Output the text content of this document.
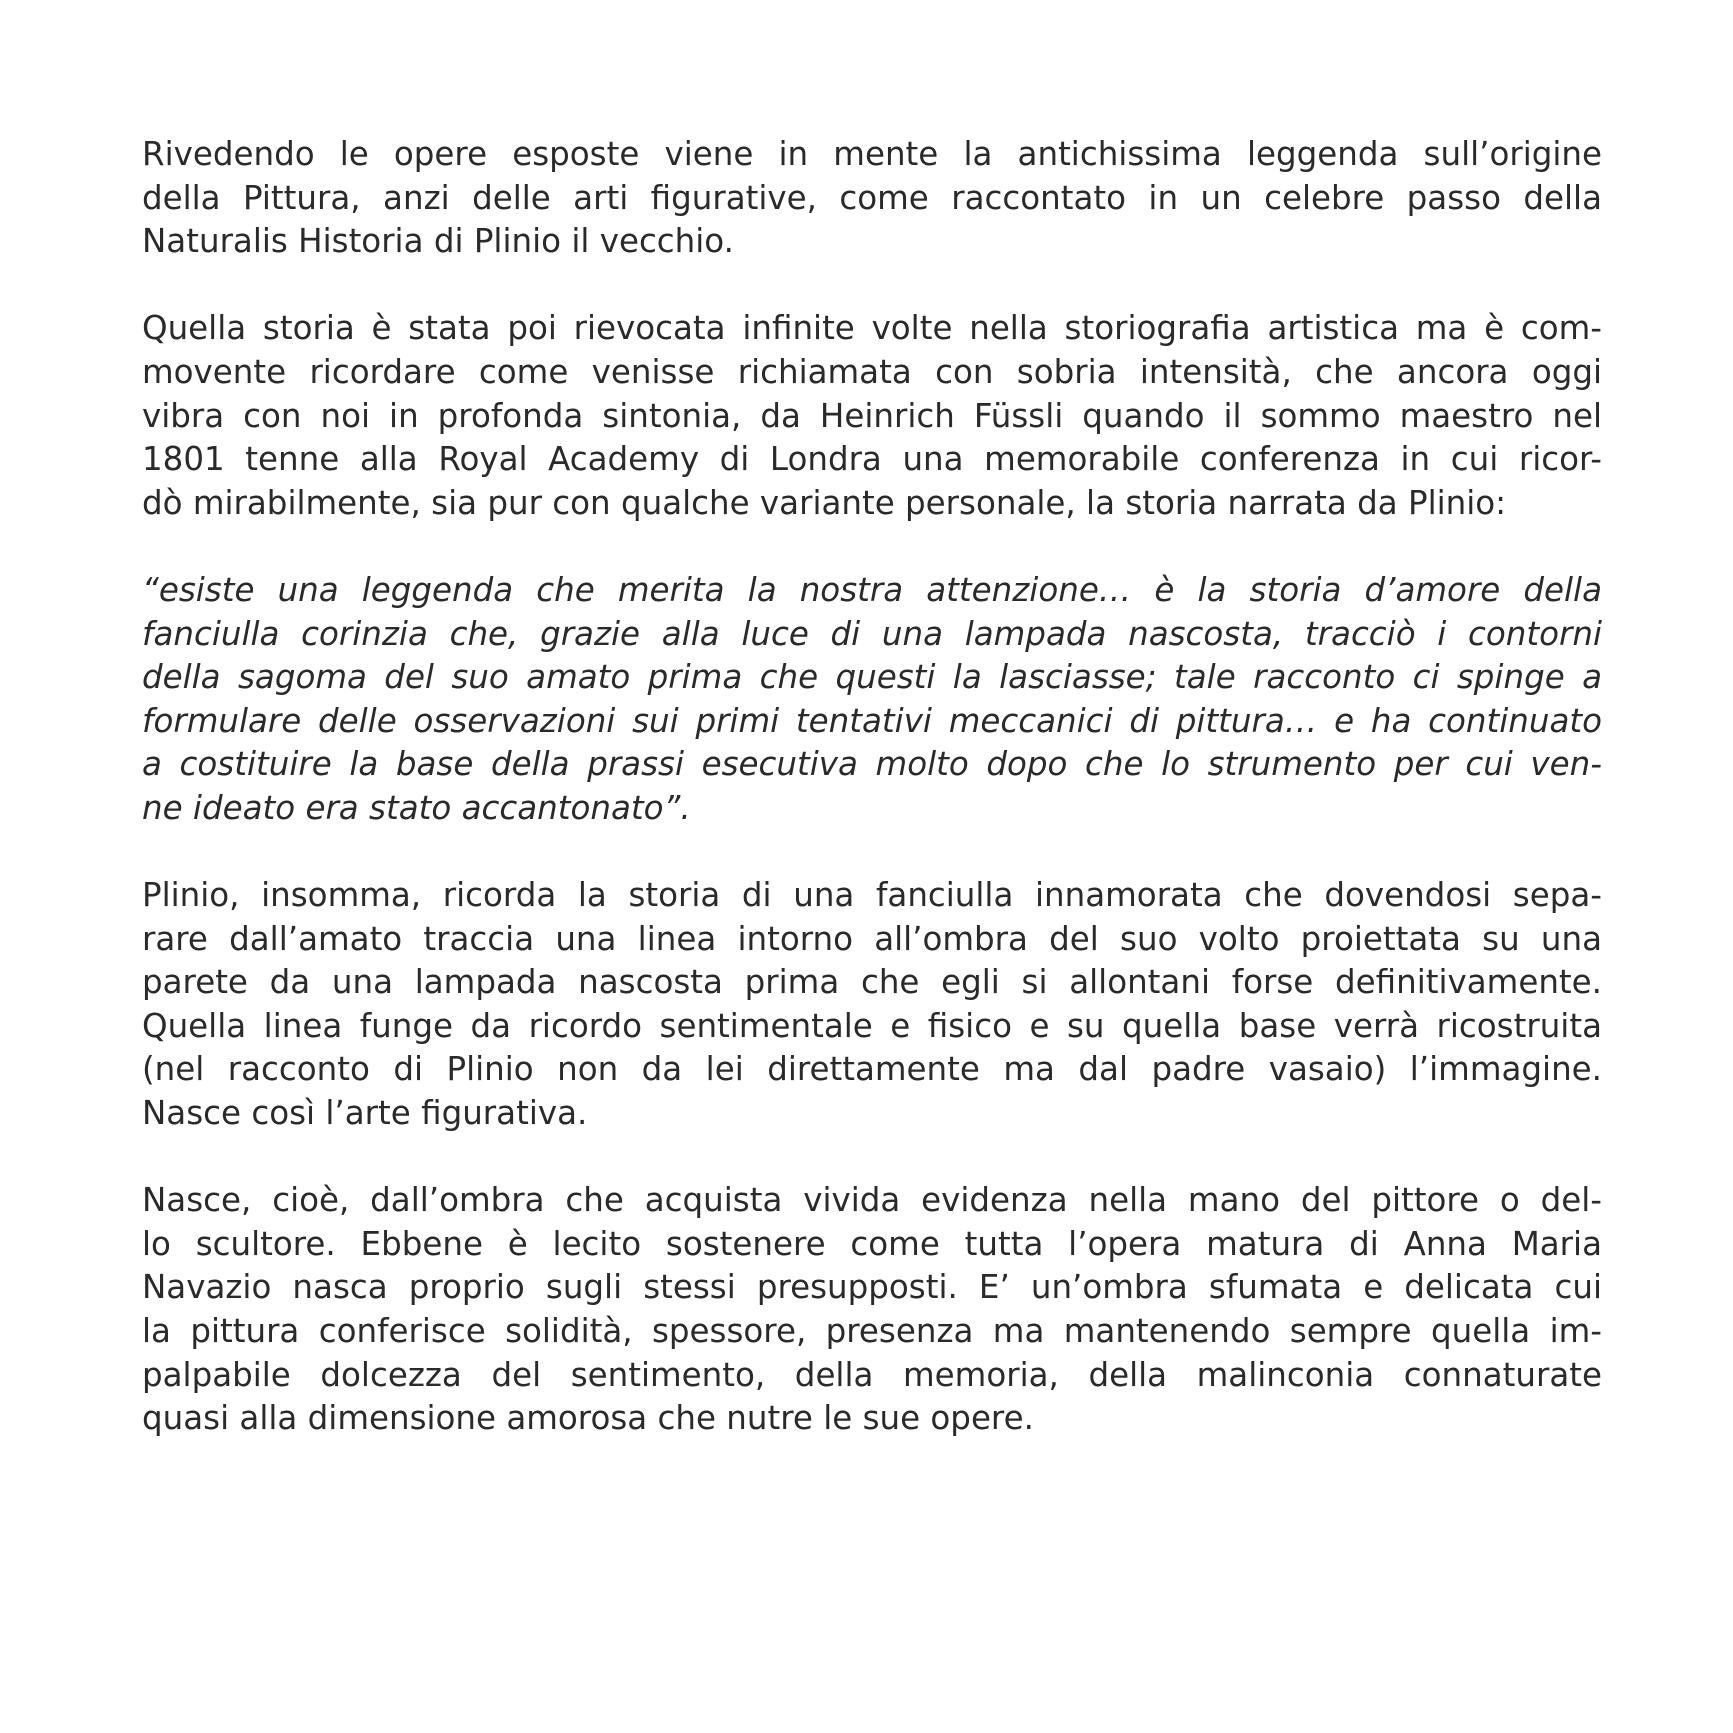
Rivedendo le opere esposte viene in mente la antichissima leggenda sull’origine
della Pittura, anzi delle arti figurative, come raccontato in un celebre passo della
Naturalis Historia di Plinio il vecchio.
Quella storia è stata poi rievocata infinite volte nella storiografia artistica ma è com-
movente ricordare come venisse richiamata con sobria intensità, che ancora oggi
vibra con noi in profonda sintonia, da Heinrich Füssli quando il sommo maestro nel
1801 tenne alla Royal Academy di Londra una memorabile conferenza in cui ricor-
dò mirabilmente, sia pur con qualche variante personale, la storia narrata da Plinio:
“esiste una leggenda che merita la nostra attenzione… è la storia d’amore della
fanciulla corinzia che, grazie alla luce di una lampada nascosta, tracciò i contorni
della sagoma del suo amato prima che questi la lasciasse; tale racconto ci spinge a
formulare delle osservazioni sui primi tentativi meccanici di pittura… e ha continuato
a costituire la base della prassi esecutiva molto dopo che lo strumento per cui ven-
ne ideato era stato accantonato”.
Plinio, insomma, ricorda la storia di una fanciulla innamorata che dovendosi sepa-
rare dall’amato traccia una linea intorno all’ombra del suo volto proiettata su una
parete da una lampada nascosta prima che egli si allontani forse definitivamente.
Quella linea funge da ricordo sentimentale e fisico e su quella base verrà ricostruita
(nel racconto di Plinio non da lei direttamente ma dal padre vasaio) l’immagine.
Nasce così l’arte figurativa.
Nasce, cioè, dall’ombra che acquista vivida evidenza nella mano del pittore o del-
lo scultore. Ebbene è lecito sostenere come tutta l’opera matura di Anna Maria
Navazio nasca proprio sugli stessi presupposti. E’ un’ombra sfumata e delicata cui
la pittura conferisce solidità, spessore, presenza ma mantenendo sempre quella im-
palpabile dolcezza del sentimento, della memoria, della malinconia connaturate
quasi alla dimensione amorosa che nutre le sue opere.
